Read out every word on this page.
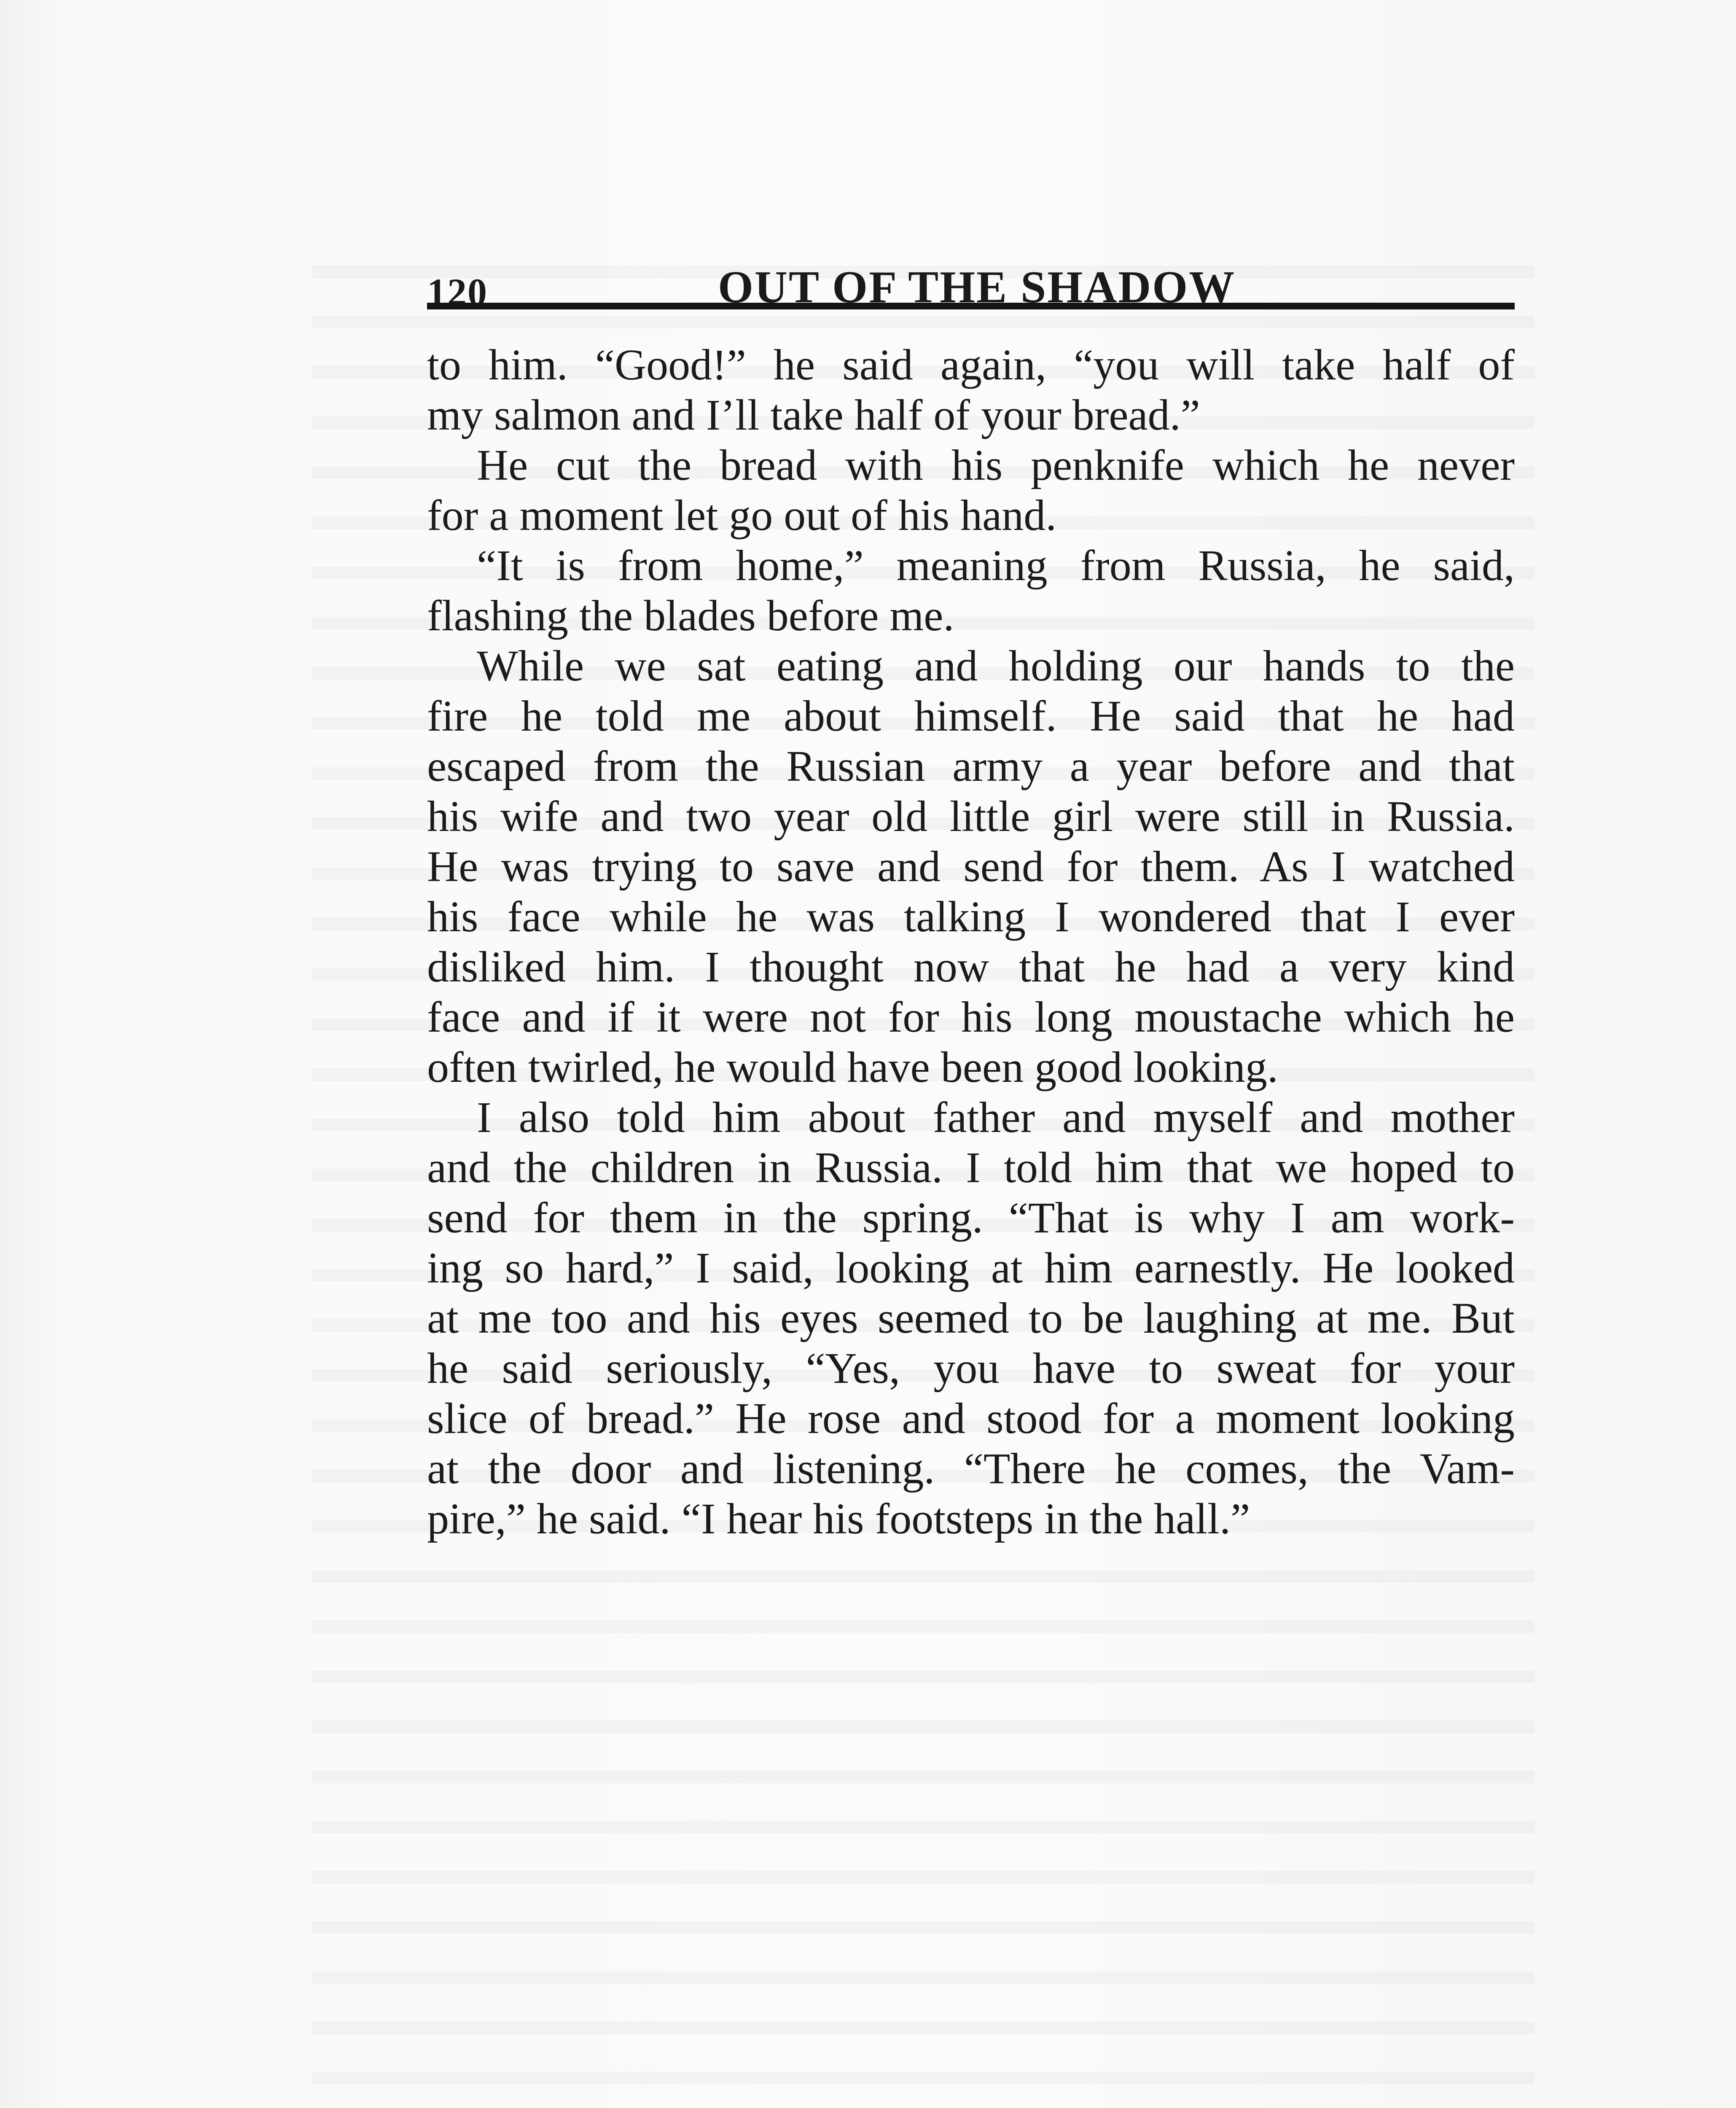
120	OUT OF THE SHADOW
to him. “Good!” he said again, “you will take half of
my salmon and I’ll take half of your bread.”
He cut the bread with his penknife which he never
for a moment let go out of his hand.
“It is from home,” meaning from Russia, he said,
flashing the blades before me.
While we sat eating and holding our hands to the
fire he told me about himself. He said that he had
escaped from the Russian army a year before and that
his wife and two year old little girl were still in Russia.
He was trying to save and send for them. As I watched
his face while he was talking I wondered that I ever
disliked him. I thought now that he had a very kind
face and if it were not for his long moustache which he
often twirled, he would have been good looking.
I also told him about father and myself and mother
and the children in Russia. I told him that we hoped to
send for them in the spring. “That is why I am work-
ing so hard,” I said, looking at him earnestly. He looked
at me too and his eyes seemed to be laughing at me. But
he said seriously, “Yes, you have to sweat for your
slice of bread.” He rose and stood for a moment looking
at the door and listening. “There he comes, the Vam-
pire,” he said. “I hear his footsteps in the hall.”
